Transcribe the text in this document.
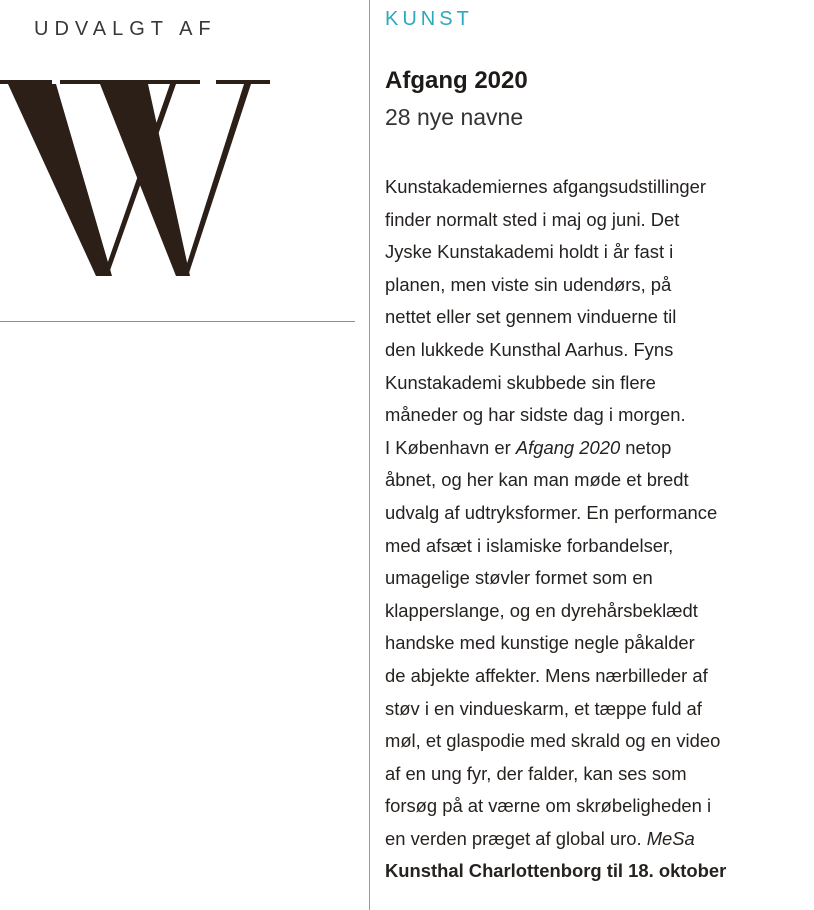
UDVALGT AF	KUNST
Afgang 2020
28 nye navne
Kunstakademiernes afgangsudstillinger
finder normalt sted i maj og juni. Det
Jyske Kunstakademi holdt i år fast i
planen, men viste sin udendørs, på
nettet eller set gennem vinduerne til
den lukkede Kunsthal Aarhus. Fyns
Kunstakademi skubbede sin flere
måneder og har sidste dag i morgen.
I København er Afgang 2020 netop
åbnet, og her kan man møde et bredt
udvalg af udtryksformer. En performance
med afsæt i islamiske forbandelser,
umagelige støvler formet som en
klapperslange, og en dyrehårsbeklædt
handske med kunstige negle påkalder
de abjekte affekter. Mens nærbilleder af
støv i en vindueskarm, et tæppe fuld af
møl, et glaspodie med skrald og en video
af en ung fyr, der falder, kan ses som
forsøg på at værne om skrøbeligheden i
en verden præget af global uro. MeSa
Kunsthal Charlottenborg til 18. oktober
